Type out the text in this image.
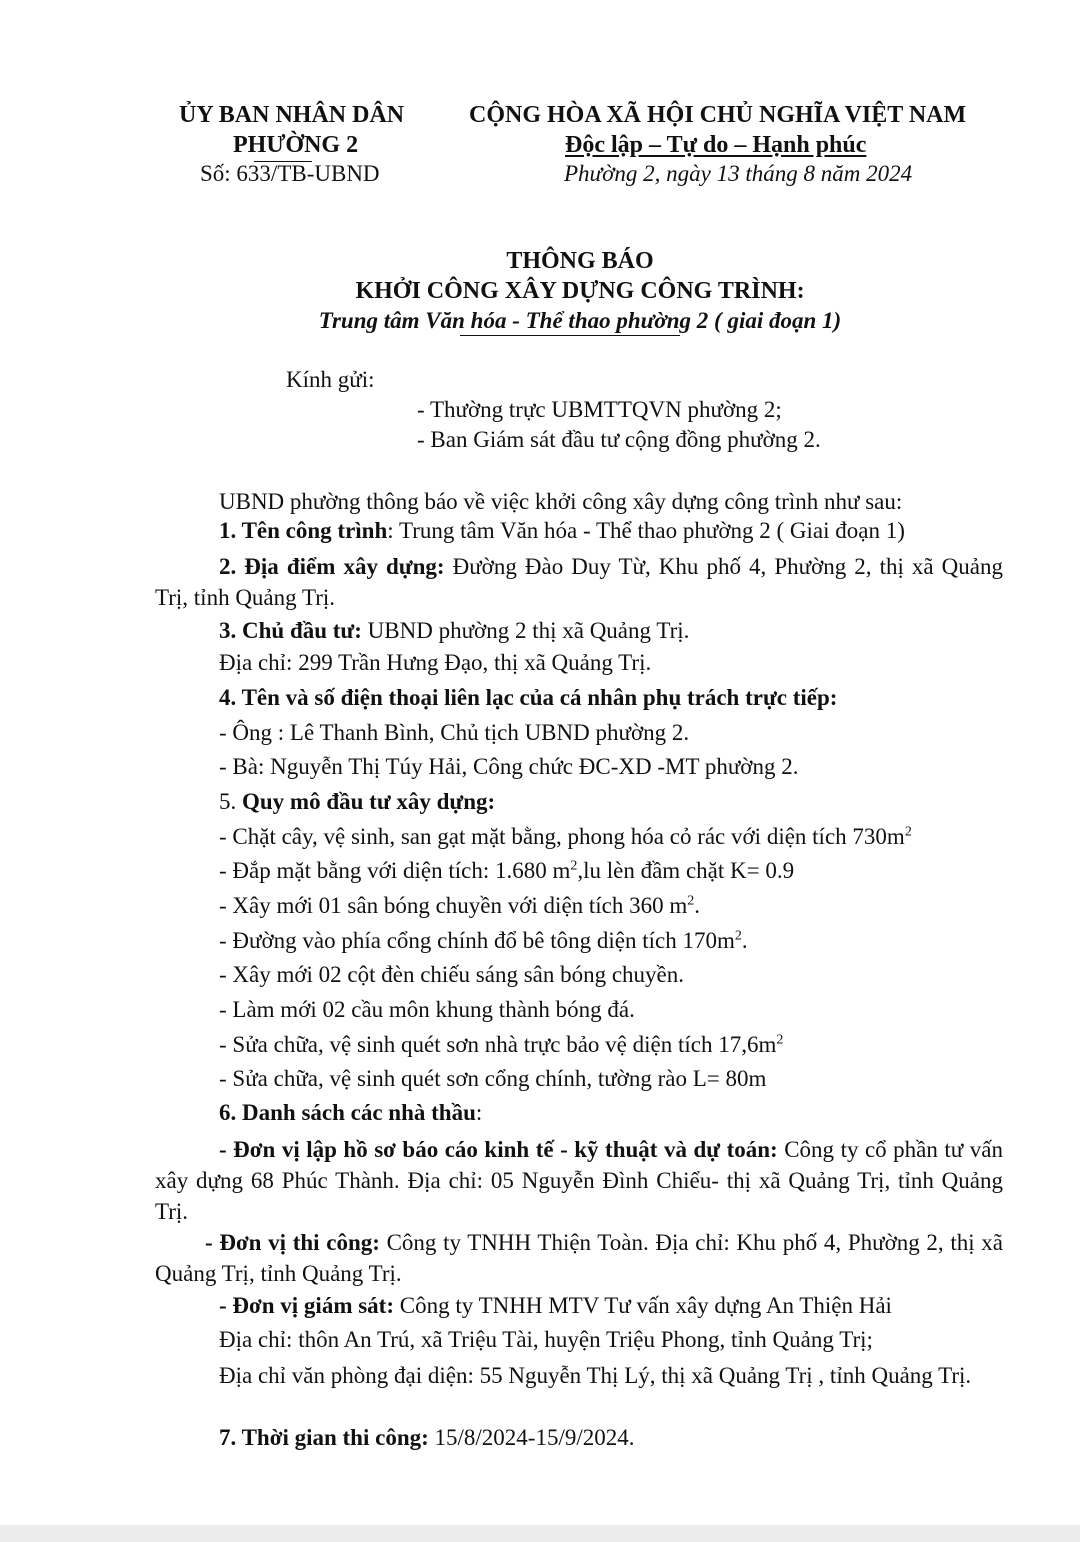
ỦY BAN NHÂN DÂN
PHƯỜNG 2
Số: 633/TB-UBND
CỘNG HÒA XÃ HỘI CHỦ NGHĨA VIỆT NAM
Độc lập – Tự do – Hạnh phúc
Phường 2, ngày 13 tháng 8 năm 2024
THÔNG BÁO
KHỞI CÔNG XÂY DỰNG CÔNG TRÌNH:
Trung tâm Văn hóa - Thể thao phường 2 ( giai đoạn 1)
Kính gửi:
- Thường trực UBMTTQVN phường 2;
- Ban Giám sát đầu tư cộng đồng phường 2.
UBND phường thông báo về việc khởi công xây dựng công trình như sau:
1. Tên công trình: Trung tâm Văn hóa - Thể thao phường 2 ( Giai đoạn 1)
2. Địa điểm xây dựng: Đường Đào Duy Từ, Khu phố 4, Phường 2, thị xã Quảng Trị, tỉnh Quảng Trị.
3. Chủ đầu tư: UBND phường 2 thị xã Quảng Trị.
Địa chỉ: 299 Trần Hưng Đạo, thị xã Quảng Trị.
4. Tên và số điện thoại liên lạc của cá nhân phụ trách trực tiếp:
- Ông : Lê Thanh Bình, Chủ tịch UBND phường 2.
- Bà: Nguyễn Thị Túy Hải, Công chức ĐC-XD -MT phường 2.
5. Quy mô đầu tư xây dựng:
- Chặt cây, vệ sinh, san gạt mặt bằng, phong hóa cỏ rác với diện tích $730m^2$
- Đắp mặt bằng với diện tích: 1.680 $m^2,lu$ lèn đầm chặt K= 0.9
- Xây mới 01 sân bóng chuyền với diện tích 360 $m^2$.
- Đường vào phía cổng chính đổ bê tông diện tích $170m^2$.
- Xây mới 02 cột đèn chiếu sáng sân bóng chuyền.
- Làm mới 02 cầu môn khung thành bóng đá.
- Sửa chữa, vệ sinh quét sơn nhà trực bảo vệ diện tích $17,6m^2$
- Sửa chữa, vệ sinh quét sơn cổng chính, tường rào L= 80m
6. Danh sách các nhà thầu:
- Đơn vị lập hồ sơ báo cáo kinh tế - kỹ thuật và dự toán: Công ty cổ phần tư vấn xây dựng 68 Phúc Thành. Địa chỉ: 05 Nguyễn Đình Chiểu- thị xã Quảng Trị, tỉnh Quảng Trị.
- Đơn vị thi công: Công ty TNHH Thiện Toàn. Địa chỉ: Khu phố 4, Phường 2, thị xã Quảng Trị, tỉnh Quảng Trị.
- Đơn vị giám sát: Công ty TNHH MTV Tư vấn xây dựng An Thiện Hải
Địa chỉ: thôn An Trú, xã Triệu Tài, huyện Triệu Phong, tỉnh Quảng Trị;
Địa chỉ văn phòng đại diện: 55 Nguyễn Thị Lý, thị xã Quảng Trị , tỉnh Quảng Trị.
7. Thời gian thi công: 15/8/2024-15/9/2024.
